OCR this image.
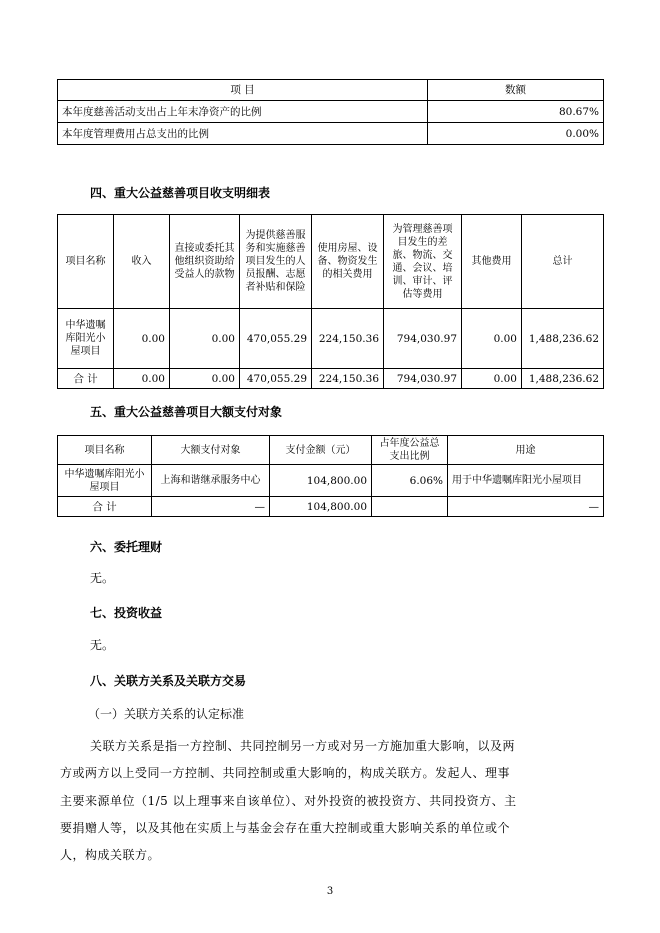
项 目	数额
本年度慈善活动支出占上年末净资产的比例	80.67%
本年度管理费用占总支出的比例	0.00%
四、重大公益慈善项目收支明细表
项目名称	收入	直接或委托其他组织资助给受益人的款物	为提供慈善服务和实施慈善项目发生的人员报酬、志愿者补贴和保险	使用房屋、设备、物资发生的相关费用	为管理慈善项目发生的差旅、物流、交通、会议、培训、审计、评估等费用	其他费用	总计
中华遗嘱库阳光小屋项目	0.00	0.00	470,055.29	224,150.36	794,030.97	0.00	1,488,236.62
合 计	0.00	0.00	470,055.29	224,150.36	794,030.97	0.00	1,488,236.62
五、重大公益慈善项目大额支付对象
项目名称	大额支付对象	支付金额（元）	占年度公益总支出比例	用途
中华遗嘱库阳光小屋项目	上海和谐继承服务中心	104,800.00	6.06%	用于中华遗嘱库阳光小屋项目
合 计	—	104,800.00		—
六、委托理财
无。
七、投资收益
无。
八、关联方关系及关联方交易
（一）关联方关系的认定标准
关联方关系是指一方控制、共同控制另一方或对另一方施加重大影响，以及两
方或两方以上受同一方控制、共同控制或重大影响的，构成关联方。发起人、理事
主要来源单位（1/5 以上理事来自该单位）、对外投资的被投资方、共同投资方、主
要捐赠人等，以及其他在实质上与基金会存在重大控制或重大影响关系的单位或个
人，构成关联方。
3
